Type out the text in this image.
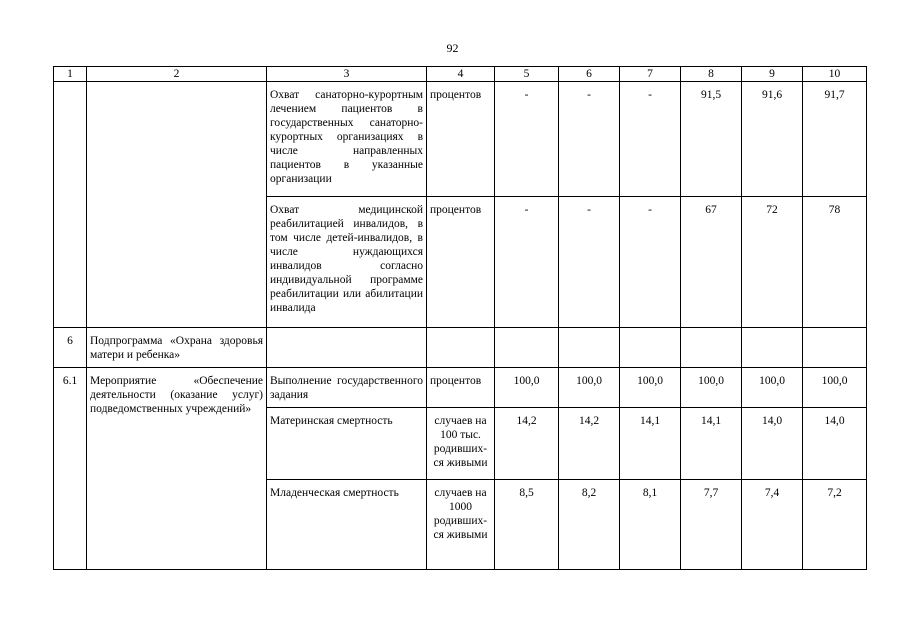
92
1	2	3	4	5	6	7	8	9	10
		Охват санаторно-курортным лечением пациентов в государственных санаторно-курортных организациях в числе направленных пациентов в указанные организации	процентов	-	-	-	91,5	91,6	91,7
		Охват медицинской реабилитацией инвалидов, в том числе детей-инвалидов, в числе нуждающихся инвалидов согласно индивидуальной программе реабилитации или абилитации инвалида	процентов	-	-	-	67	72	78
6	Подпрограмма «Охрана здоровья матери и ребенка»								
6.1	Мероприятие «Обеспечение деятельности (оказание услуг) подведомственных учреждений»	Выполнение государственного задания	процентов	100,0	100,0	100,0	100,0	100,0	100,0
		Материнская смертность	случаев на 100 тыс. родивших-ся живыми	14,2	14,2	14,1	14,1	14,0	14,0
		Младенческая смертность	случаев на 1000 родивших-ся живыми	8,5	8,2	8,1	7,7	7,4	7,2
